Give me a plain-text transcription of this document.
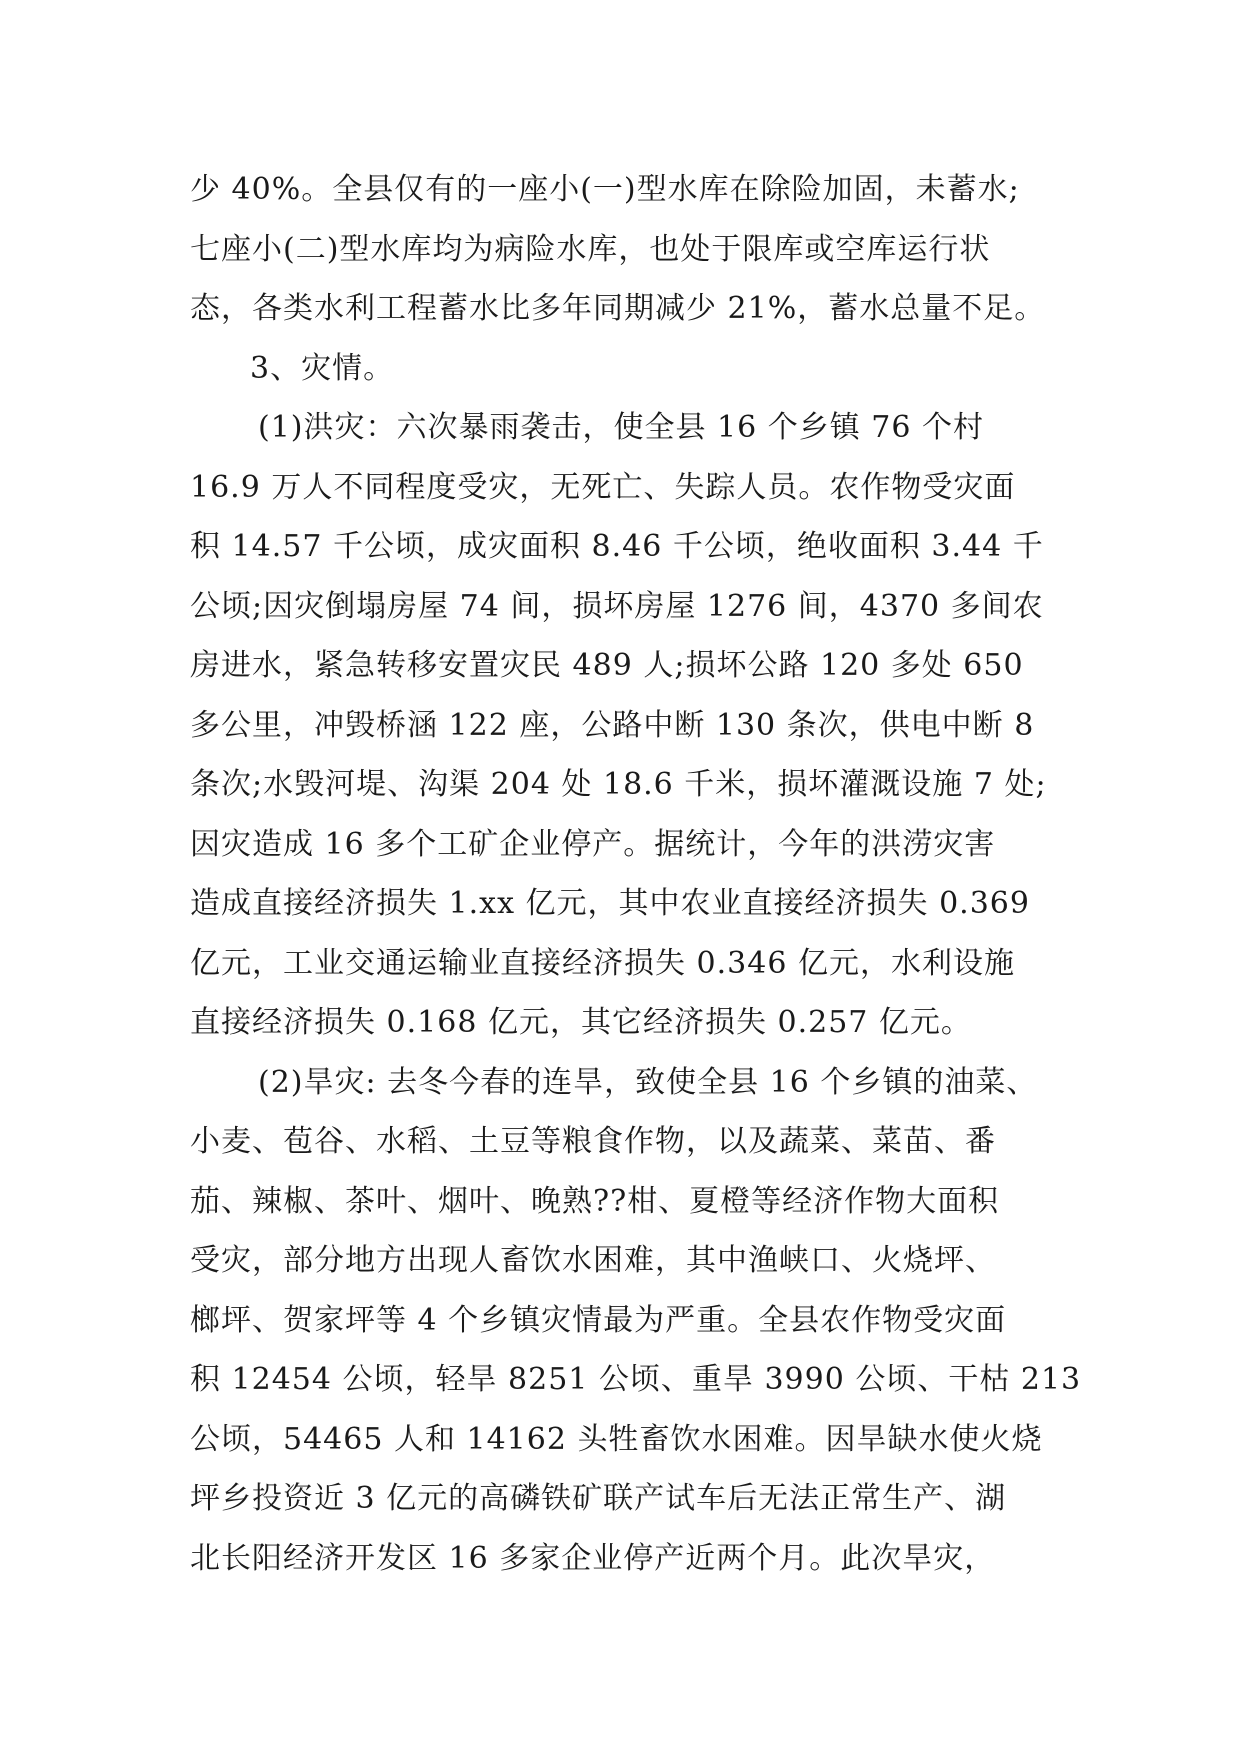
少 40%。全县仅有的一座小(一)型水库在除险加固，未蓄水;
七座小(二)型水库均为病险水库，也处于限库或空库运行状
态，各类水利工程蓄水比多年同期减少 21%，蓄水总量不足。
3、灾情。
(1)洪灾：六次暴雨袭击，使全县 16 个乡镇 76 个村
16.9 万人不同程度受灾，无死亡、失踪人员。农作物受灾面
积 14.57 千公顷，成灾面积 8.46 千公顷，绝收面积 3.44 千
公顷;因灾倒塌房屋 74 间，损坏房屋 1276 间，4370 多间农
房进水，紧急转移安置灾民 489 人;损坏公路 120 多处 650
多公里，冲毁桥涵 122 座，公路中断 130 条次，供电中断 8
条次;水毁河堤、沟渠 204 处 18.6 千米，损坏灌溉设施 7 处;
因灾造成 16 多个工矿企业停产。据统计，今年的洪涝灾害
造成直接经济损失 1.xx 亿元，其中农业直接经济损失 0.369
亿元，工业交通运输业直接经济损失 0.346 亿元，水利设施
直接经济损失 0.168 亿元，其它经济损失 0.257 亿元。
(2)旱灾: 去冬今春的连旱，致使全县 16 个乡镇的油菜、
小麦、苞谷、水稻、土豆等粮食作物，以及蔬菜、菜苗、番
茄、辣椒、茶叶、烟叶、晚熟??柑、夏橙等经济作物大面积
受灾，部分地方出现人畜饮水困难，其中渔峡口、火烧坪、
榔坪、贺家坪等 4 个乡镇灾情最为严重。全县农作物受灾面
积 12454 公顷，轻旱 8251 公顷、重旱 3990 公顷、干枯 213
公顷，54465 人和 14162 头牲畜饮水困难。因旱缺水使火烧
坪乡投资近 3 亿元的高磷铁矿联产试车后无法正常生产、湖
北长阳经济开发区 16 多家企业停产近两个月。此次旱灾，
